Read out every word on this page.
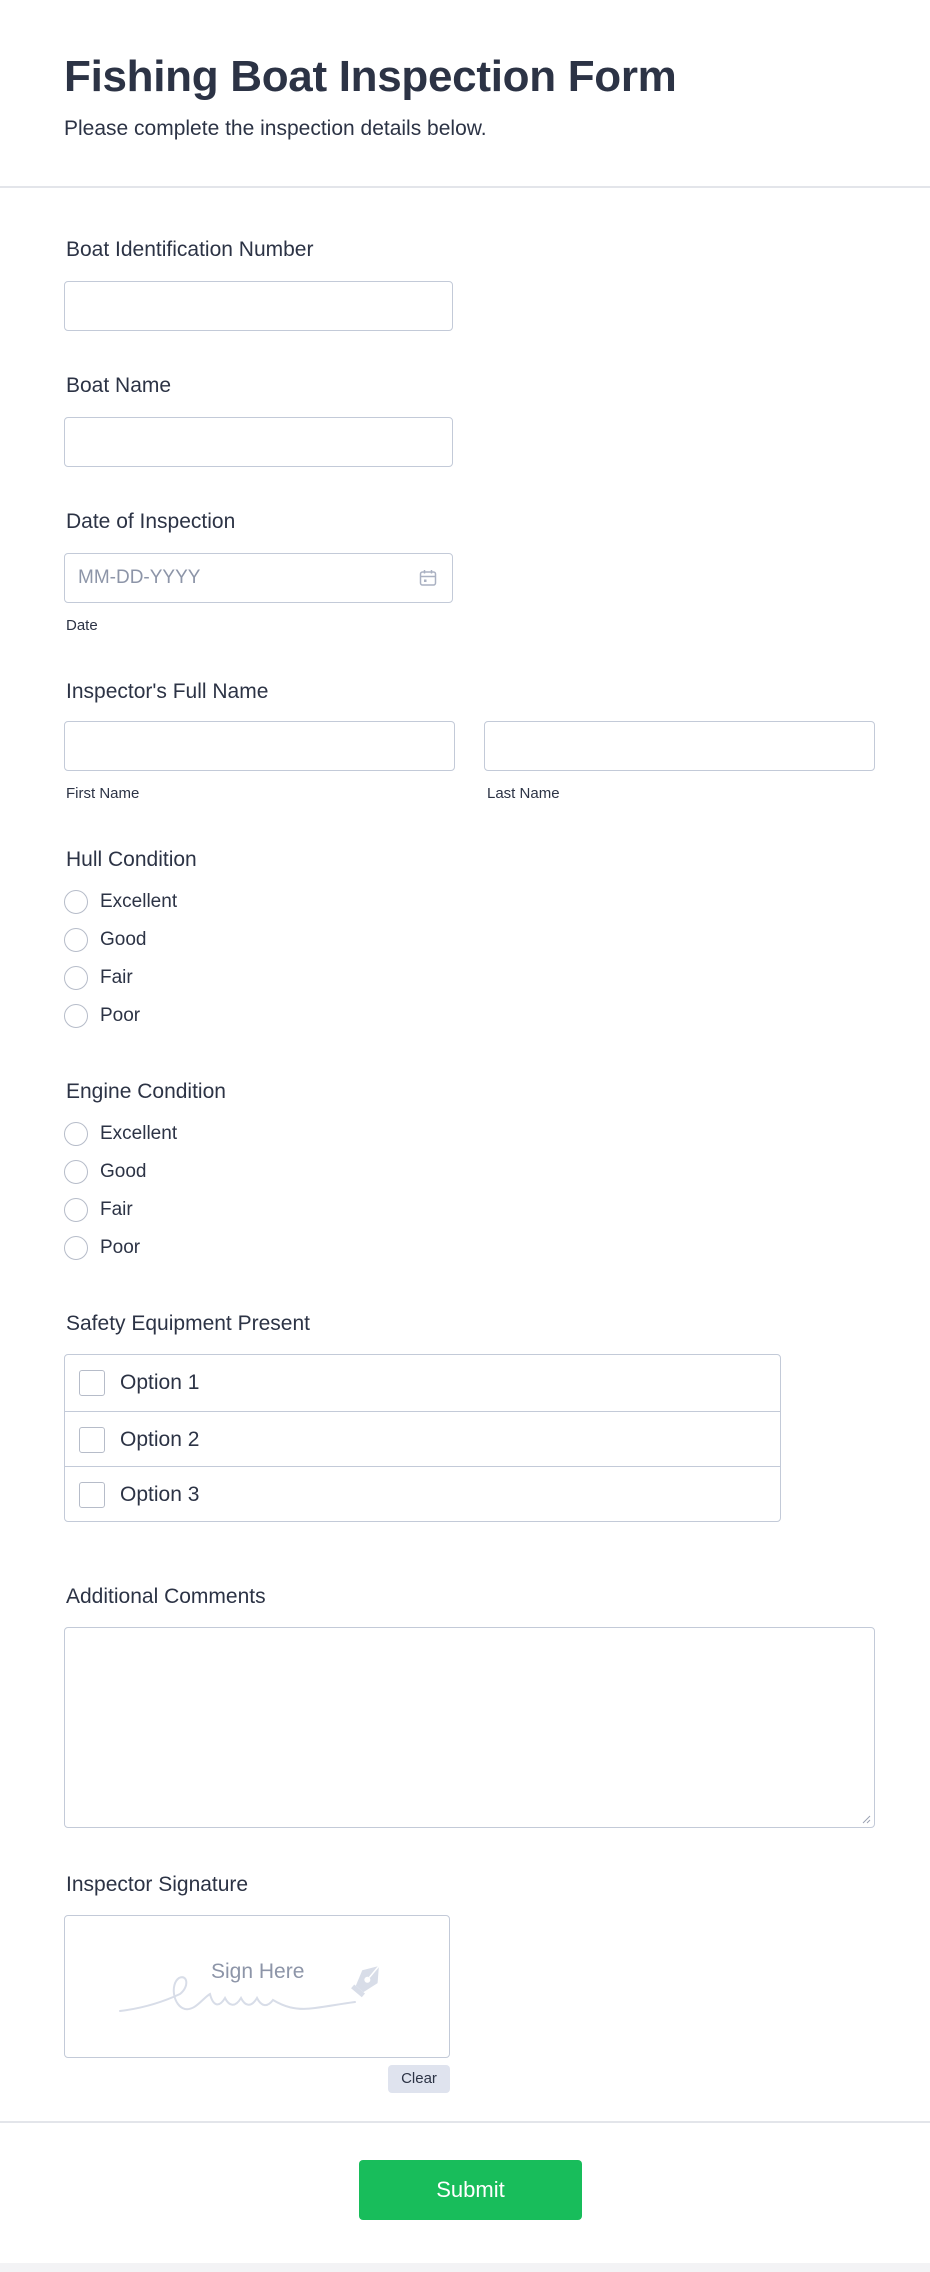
Fishing Boat Inspection Form
Please complete the inspection details below.
Boat Identification Number
Boat Name
Date of Inspection
MM-DD-YYYY
Date
Inspector's Full Name
First Name	Last Name
Hull Condition
Excellent
Good
Fair
Poor
Engine Condition
Excellent
Good
Fair
Poor
Safety Equipment Present
Option 1
Option 2
Option 3
Additional Comments
Inspector Signature
Sign Here
Clear
Submit
